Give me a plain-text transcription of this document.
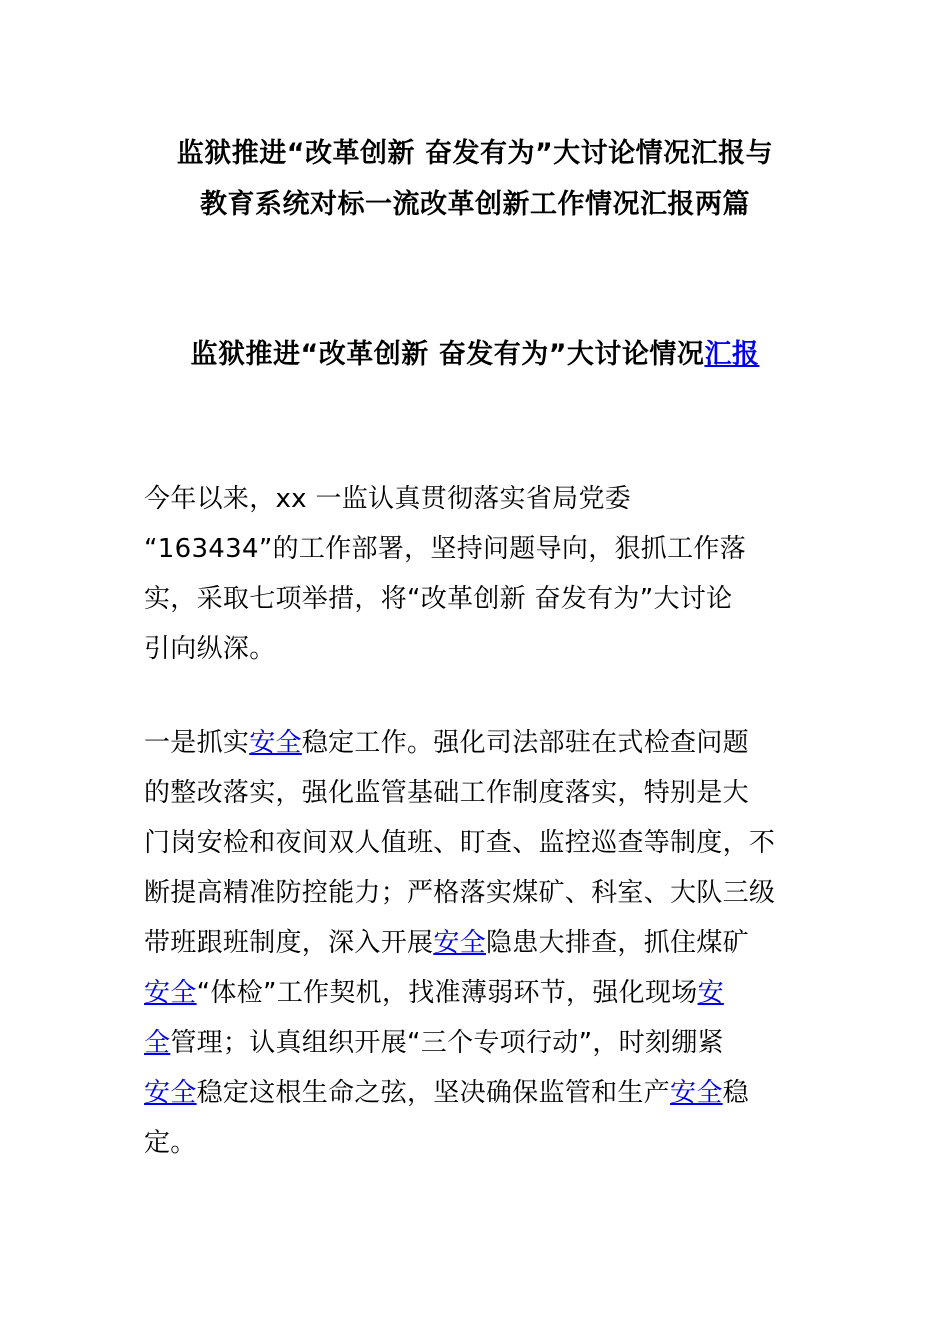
监狱推进“改革创新 奋发有为”大讨论情况汇报与
教育系统对标一流改革创新工作情况汇报两篇
监狱推进“改革创新 奋发有为”大讨论情况汇报
今年以来，xx 一监认真贯彻落实省局党委
“163434”的工作部署，坚持问题导向，狠抓工作落
实，采取七项举措，将“改革创新 奋发有为”大讨论
引向纵深。
一是抓实安全稳定工作。强化司法部驻在式检查问题
的整改落实，强化监管基础工作制度落实，特别是大
门岗安检和夜间双人值班、盯查、监控巡查等制度，不
断提高精准防控能力；严格落实煤矿、科室、大队三级
带班跟班制度，深入开展安全隐患大排查，抓住煤矿
安全“体检”工作契机，找准薄弱环节，强化现场安
全管理；认真组织开展“三个专项行动”，时刻绷紧
安全稳定这根生命之弦，坚决确保监管和生产安全稳
定。
